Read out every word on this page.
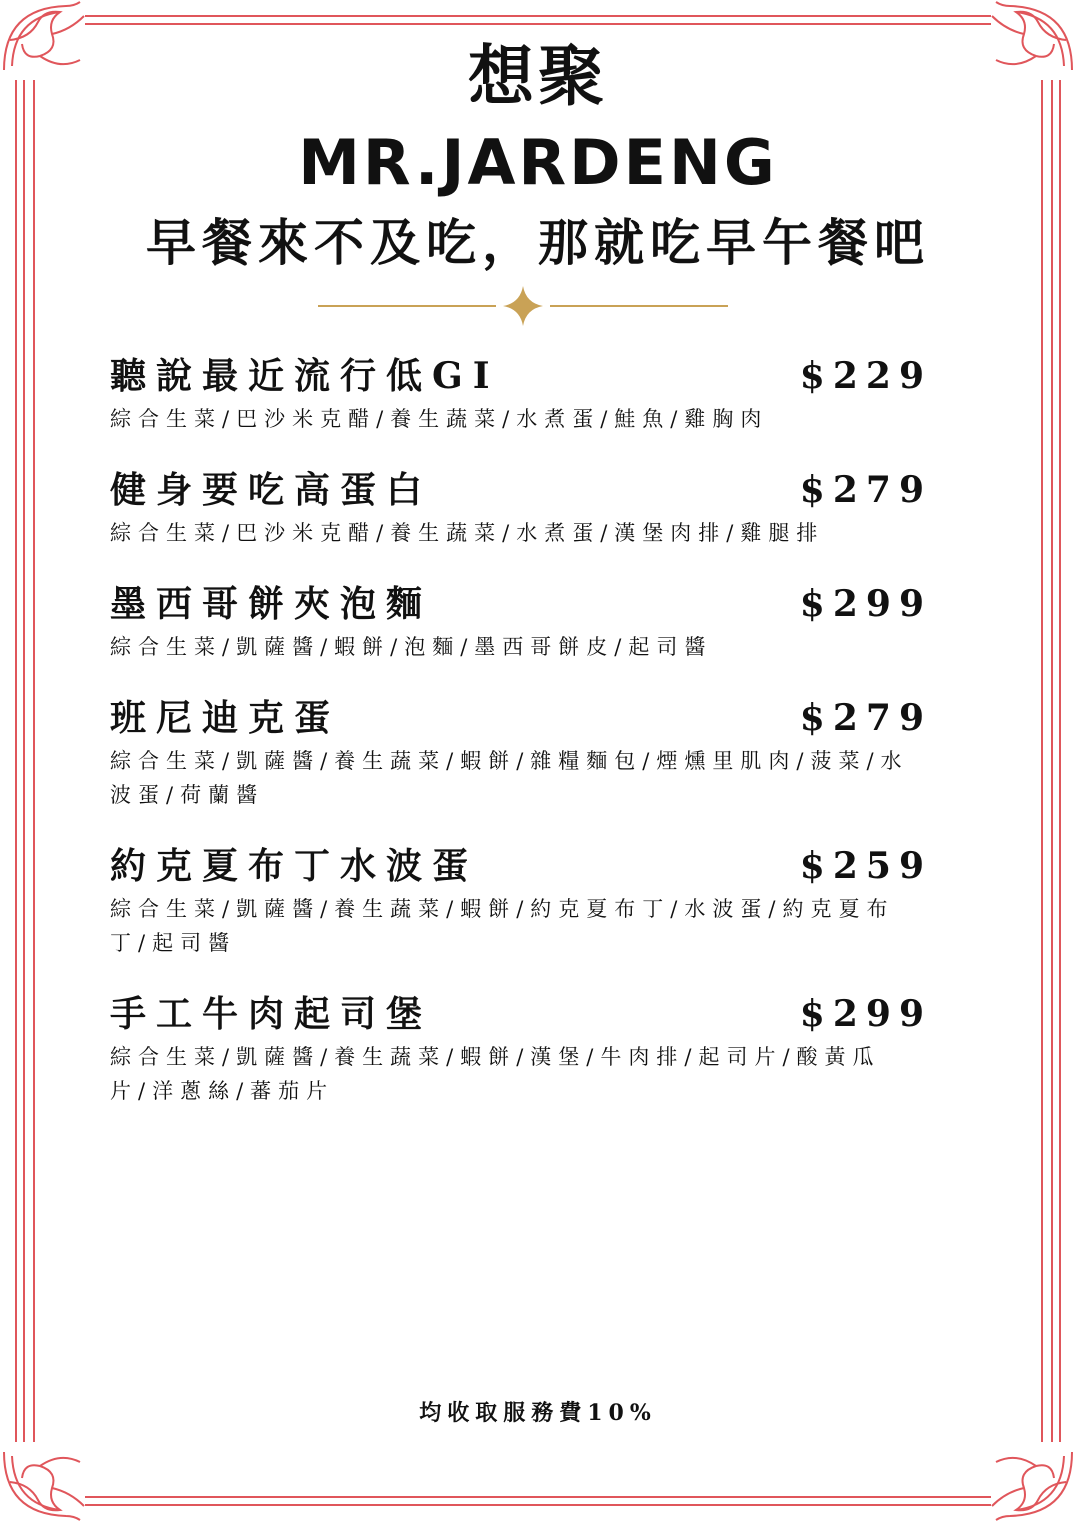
想聚
MR.JARDENG
早餐來不及吃，那就吃早午餐吧
聽說最近流行低GI	$229
綜合生菜/巴沙米克醋/養生蔬菜/水煮蛋/鮭魚/雞胸肉
健身要吃高蛋白	$279
綜合生菜/巴沙米克醋/養生蔬菜/水煮蛋/漢堡肉排/雞腿排
墨西哥餅夾泡麵	$299
綜合生菜/凱薩醬/蝦餅/泡麵/墨西哥餅皮/起司醬
班尼迪克蛋	$279
綜合生菜/凱薩醬/養生蔬菜/蝦餅/雜糧麵包/煙燻里肌肉/菠菜/水波蛋/荷蘭醬
約克夏布丁水波蛋	$259
綜合生菜/凱薩醬/養生蔬菜/蝦餅/約克夏布丁/水波蛋/約克夏布丁/起司醬
手工牛肉起司堡	$299
綜合生菜/凱薩醬/養生蔬菜/蝦餅/漢堡/牛肉排/起司片/酸黃瓜片/洋蔥絲/蕃茄片
均收取服務費10%
